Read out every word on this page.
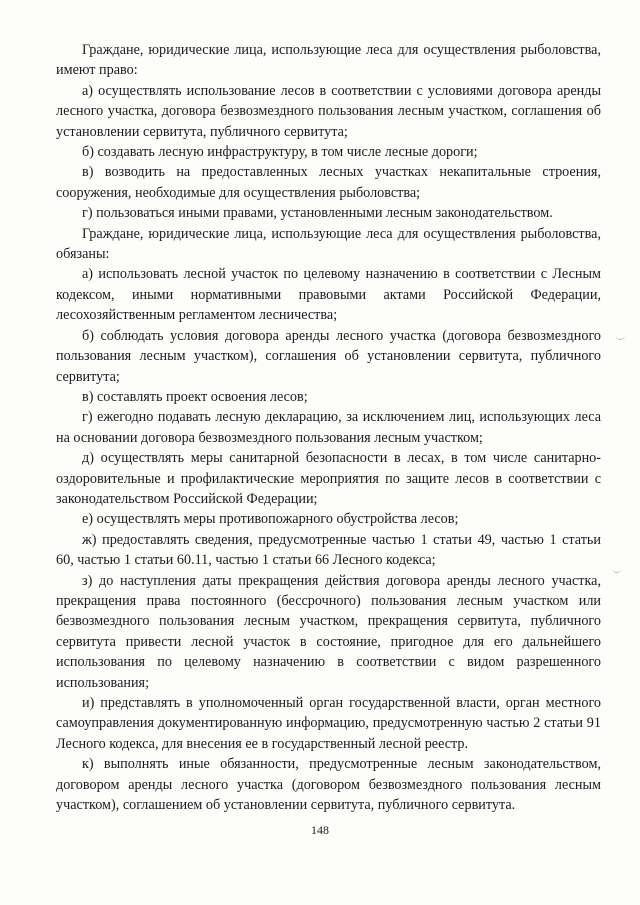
Граждане, юридические лица, использующие леса для осуществления рыболовства, имеют право:

а) осуществлять использование лесов в соответствии с условиями договора аренды лесного участка, договора безвозмездного пользования лесным участком, соглашения об установлении сервитута, публичного сервитута;

б) создавать лесную инфраструктуру, в том числе лесные дороги;

в) возводить на предоставленных лесных участках некапитальные строения, сооружения, необходимые для осуществления рыболовства;

г) пользоваться иными правами, установленными лесным законодательством.

Граждане, юридические лица, использующие леса для осуществления рыболовства, обязаны:

а) использовать лесной участок по целевому назначению в соответствии с Лесным кодексом, иными нормативными правовыми актами Российской Федерации, лесохозяйственным регламентом лесничества;

б) соблюдать условия договора аренды лесного участка (договора безвозмездного пользования лесным участком), соглашения об установлении сервитута, публичного сервитута;

в) составлять проект освоения лесов;

г) ежегодно подавать лесную декларацию, за исключением лиц, использующих леса на основании договора безвозмездного пользования лесным участком;

д) осуществлять меры санитарной безопасности в лесах, в том числе санитарно-оздоровительные и профилактические мероприятия по защите лесов в соответствии с законодательством Российской Федерации;

е) осуществлять меры противопожарного обустройства лесов;

ж) предоставлять сведения, предусмотренные частью 1 статьи 49, частью 1 статьи 60, частью 1 статьи 60.11, частью 1 статьи 66 Лесного кодекса;

з) до наступления даты прекращения действия договора аренды лесного участка, прекращения права постоянного (бессрочного) пользования лесным участком или безвозмездного пользования лесным участком, прекращения сервитута, публичного сервитута привести лесной участок в состояние, пригодное для его дальнейшего использования по целевому назначению в соответствии с видом разрешенного использования;

и) представлять в уполномоченный орган государственной власти, орган местного самоуправления документированную информацию, предусмотренную частью 2 статьи 91 Лесного кодекса, для внесения ее в государственный лесной реестр.

к) выполнять иные обязанности, предусмотренные лесным законодательством, договором аренды лесного участка (договором безвозмездного пользования лесным участком), соглашением об установлении сервитута, публичного сервитута.

148
